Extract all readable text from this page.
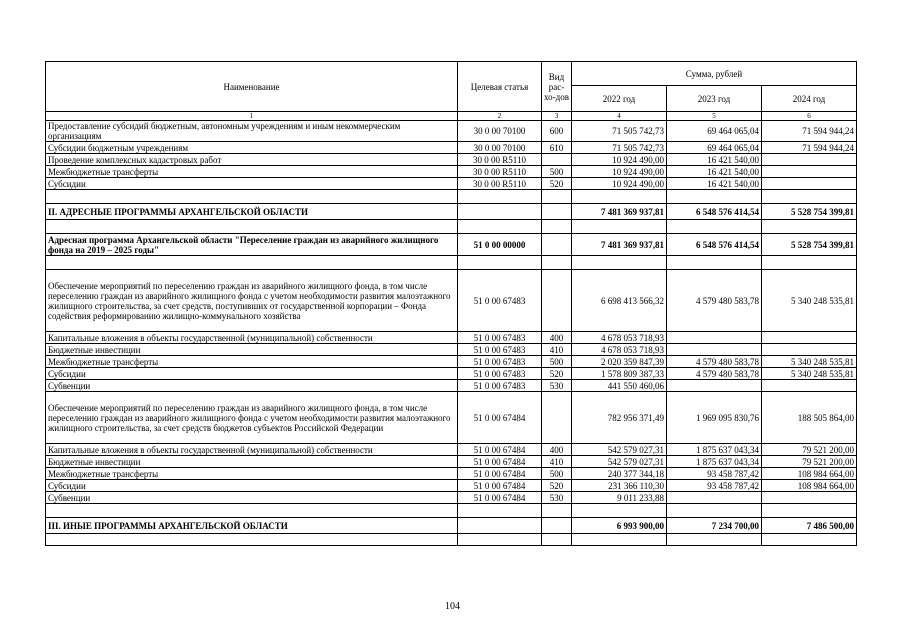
Наименование	Целевая статья	Вид рас-хо-дов	Сумма, рублей		
			2022 год	2023 год	2024 год
1	2	3	4	5	6
Предоставление субсидий бюджетным, автономным учреждениям и иным некоммерческим организациям	30 0 00 70100	600	71 505 742,73	69 464 065,04	71 594 944,24
Субсидии бюджетным учреждениям	30 0 00 70100	610	71 505 742,73	69 464 065,04	71 594 944,24
Проведение комплексных кадастровых работ	30 0 00 R5110		10 924 490,00	16 421 540,00	
Межбюджетные трансферты	30 0 00 R5110	500	10 924 490,00	16 421 540,00	
Субсидии	30 0 00 R5110	520	10 924 490,00	16 421 540,00	

II. АДРЕСНЫЕ ПРОГРАММЫ АРХАНГЕЛЬСКОЙ ОБЛАСТИ			7 481 369 937,81	6 548 576 414,54	5 528 754 399,81

Адресная программа Архангельской области "Переселение граждан из аварийного жилищного фонда на 2019 – 2025 годы"	51 0 00 00000		7 481 369 937,81	6 548 576 414,54	5 528 754 399,81

Обеспечение мероприятий по переселению граждан из аварийного жилищного фонда, в том числе переселению граждан из аварийного жилищного фонда с учетом необходимости развития малоэтажного жилищного строительства, за счет средств, поступивших от государственной корпорации – Фонда содействия реформированию жилищно-коммунального хозяйства	51 0 00 67483		6 698 413 566,32	4 579 480 583,78	5 340 248 535,81
Капитальные вложения в объекты государственной (муниципальной) собственности	51 0 00 67483	400	4 678 053 718,93		
Бюджетные инвестиции	51 0 00 67483	410	4 678 053 718,93		
Межбюджетные трансферты	51 0 00 67483	500	2 020 359 847,39	4 579 480 583,78	5 340 248 535,81
Субсидии	51 0 00 67483	520	1 578 809 387,33	4 579 480 583,78	5 340 248 535,81
Субвенции	51 0 00 67483	530	441 550 460,06		
Обеспечение мероприятий по переселению граждан из аварийного жилищного фонда, в том числе переселению граждан из аварийного жилищного фонда с учетом необходимости развития малоэтажного жилищного строительства, за счет средств бюджетов субъектов Российской Федерации	51 0 00 67484		782 956 371,49	1 969 095 830,76	188 505 864,00
Капитальные вложения в объекты государственной (муниципальной) собственности	51 0 00 67484	400	542 579 027,31	1 875 637 043,34	79 521 200,00
Бюджетные инвестиции	51 0 00 67484	410	542 579 027,31	1 875 637 043,34	79 521 200,00
Межбюджетные трансферты	51 0 00 67484	500	240 377 344,18	93 458 787,42	108 984 664,00
Субсидии	51 0 00 67484	520	231 366 110,30	93 458 787,42	108 984 664,00
Субвенции	51 0 00 67484	530	9 011 233,88		

III. ИНЫЕ ПРОГРАММЫ АРХАНГЕЛЬСКОЙ ОБЛАСТИ			6 993 900,00	7 234 700,00	7 486 500,00

104
